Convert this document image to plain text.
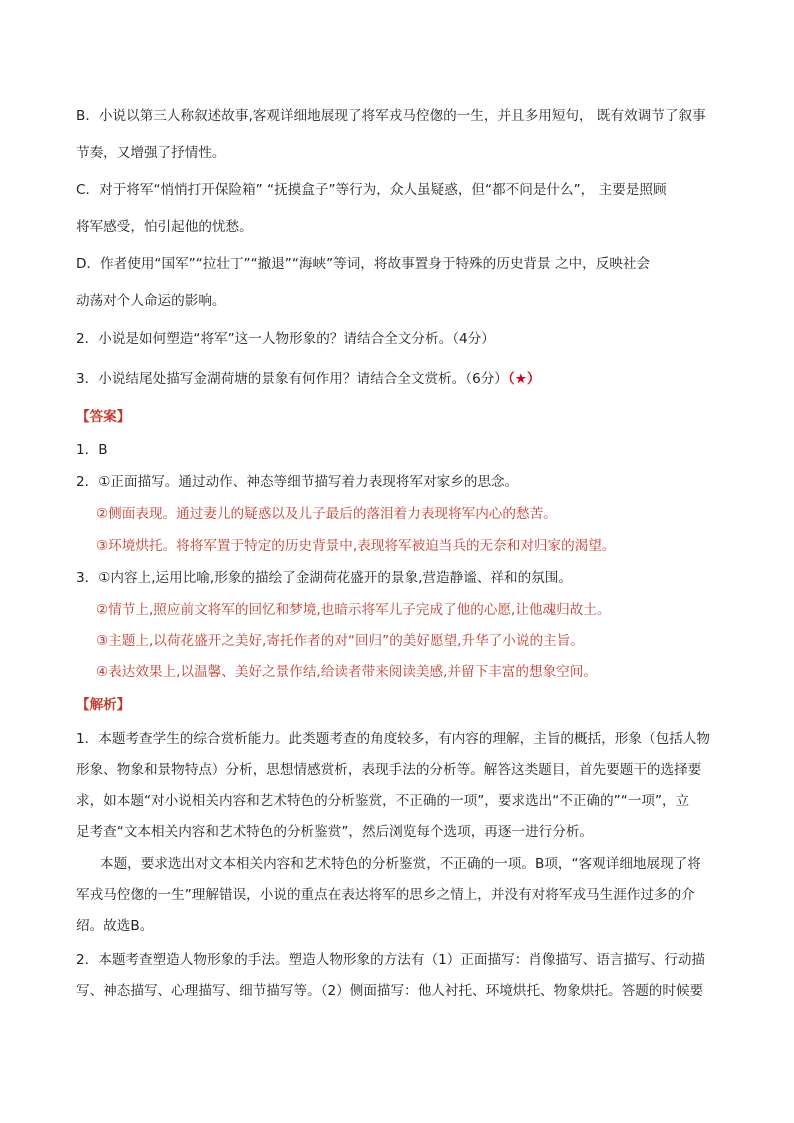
B．小说以第三人称叙述故事,客观详细地展现了将军戎马倥偬的一生，并且多用短句， 既有效调节了叙事
节奏，又增强了抒情性。
C．对于将军“悄悄打开保险箱” “抚摸盒子”等行为，众人虽疑惑，但“都不问是什么”， 主要是照顾
将军感受，怕引起他的忧愁。
D．作者使用“国军”“拉壮丁”“撤退”“海峡”等词，将故事置身于特殊的历史背景 之中，反映社会
动荡对个人命运的影响。
2．小说是如何塑造“将军”这一人物形象的？请结合全文分析。（4分）
3．小说结尾处描写金湖荷塘的景象有何作用？请结合全文赏析。（6分）（★）
【答案】
1．B
2．①正面描写。通过动作、神态等细节描写着力表现将军对家乡的思念。
②侧面表现。通过妻儿的疑惑以及儿子最后的落泪着力表现将军内心的愁苦。
③环境烘托。将将军置于特定的历史背景中,表现将军被迫当兵的无奈和对归家的渴望。
3．①内容上,运用比喻,形象的描绘了金湖荷花盛开的景象,营造静谧、祥和的氛围。
②情节上,照应前文将军的回忆和梦境,也暗示将军儿子完成了他的心愿,让他魂归故土。
③主题上,以荷花盛开之美好,寄托作者的对“回归”的美好愿望,升华了小说的主旨。
④表达效果上,以温馨、美好之景作结,给读者带来阅读美感,并留下丰富的想象空间。
【解析】
1．本题考查学生的综合赏析能力。此类题考查的角度较多，有内容的理解，主旨的概括，形象（包括人物
形象、物象和景物特点）分析，思想情感赏析，表现手法的分析等。解答这类题目，首先要题干的选择要
求，如本题“对小说相关内容和艺术特色的分析鉴赏，不正确的一项”，要求选出“不正确的”“一项”，立
足考查“文本相关内容和艺术特色的分析鉴赏”，然后浏览每个选项，再逐一进行分析。
本题，要求选出对文本相关内容和艺术特色的分析鉴赏，不正确的一项。B项，“客观详细地展现了将
军戎马倥偬的一生”理解错误，小说的重点在表达将军的思乡之情上，并没有对将军戎马生涯作过多的介
绍。故选B。
2．本题考查塑造人物形象的手法。塑造人物形象的方法有（1）正面描写：肖像描写、语言描写、行动描
写、神态描写、心理描写、细节描写等。（2）侧面描写：他人衬托、环境烘托、物象烘托。答题的时候要
